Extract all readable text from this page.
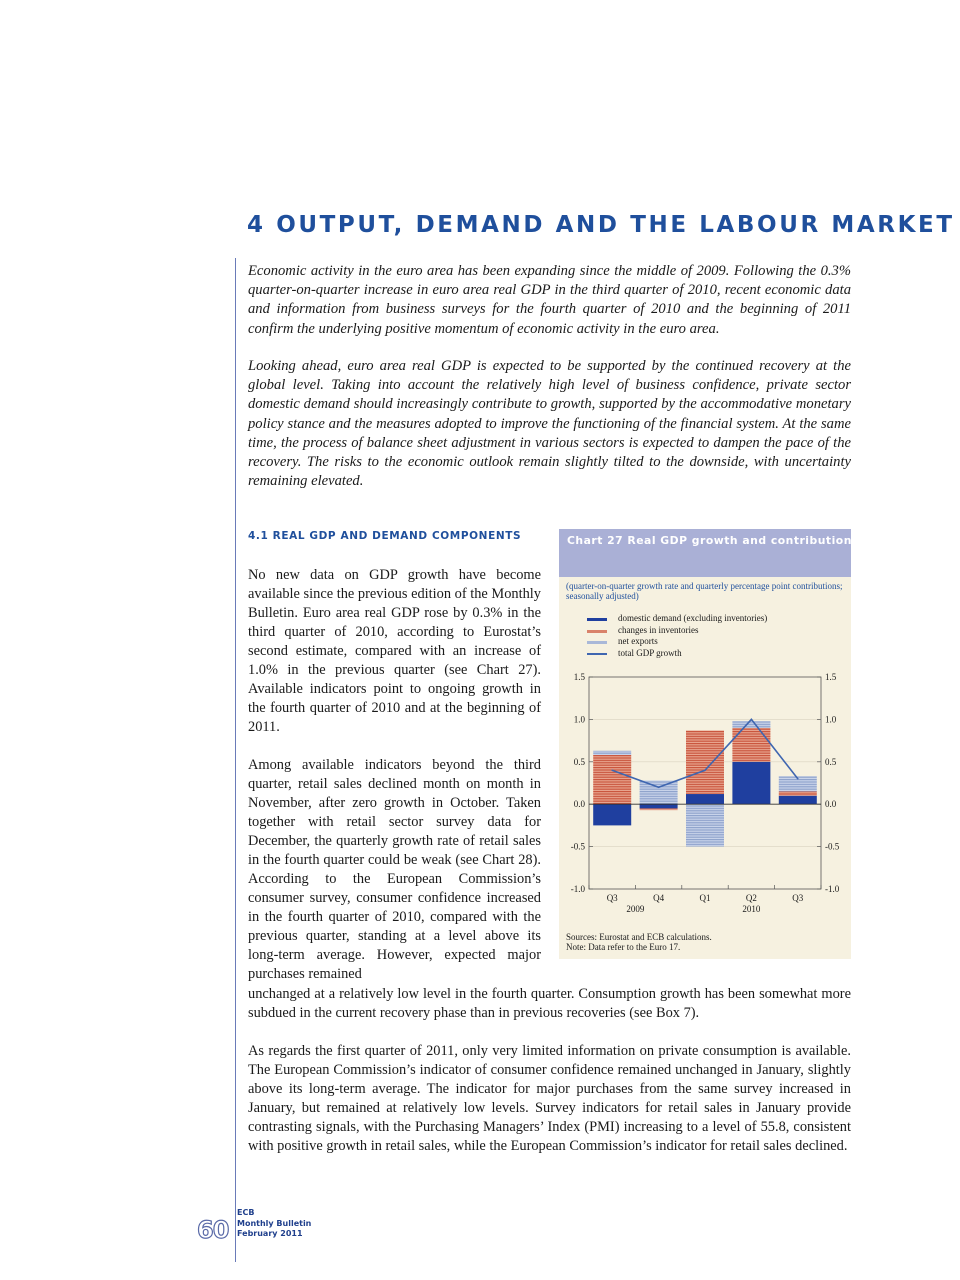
4 OUTPUT, DEMAND AND THE LABOUR MARKET

Economic activity in the euro area has been expanding since the middle of 2009. Following the 0.3% quarter-on-quarter increase in euro area real GDP in the third quarter of 2010, recent economic data and information from business surveys for the fourth quarter of 2010 and the beginning of 2011 confirm the underlying positive momentum of economic activity in the euro area.

Looking ahead, euro area real GDP is expected to be supported by the continued recovery at the global level. Taking into account the relatively high level of business confidence, private sector domestic demand should increasingly contribute to growth, supported by the accommodative monetary policy stance and the measures adopted to improve the functioning of the financial system. At the same time, the process of balance sheet adjustment in various sectors is expected to dampen the pace of the recovery. The risks to the economic outlook remain slightly tilted to the downside, with uncertainty remaining elevated.

4.1 REAL GDP AND DEMAND COMPONENTS

No new data on GDP growth have become available since the previous edition of the Monthly Bulletin. Euro area real GDP rose by 0.3% in the third quarter of 2010, according to Eurostat’s second estimate, compared with an increase of 1.0% in the previous quarter (see Chart 27). Available indicators point to ongoing growth in the fourth quarter of 2010 and at the beginning of 2011.

Among available indicators beyond the third quarter, retail sales declined month on month in November, after zero growth in October. Taken together with retail sector survey data for December, the quarterly growth rate of retail sales in the fourth quarter could be weak (see Chart 28). According to the European Commission’s consumer survey, consumer confidence increased in the fourth quarter of 2010, compared with the previous quarter, standing at a level above its long-term average. However, expected major purchases remained

unchanged at a relatively low level in the fourth quarter. Consumption growth has been somewhat more subdued in the current recovery phase than in previous recoveries (see Box 7).

As regards the first quarter of 2011, only very limited information on private consumption is available. The European Commission’s indicator of consumer confidence remained unchanged in January, slightly above its long-term average. The indicator for major purchases from the same survey increased in January, but remained at relatively low levels. Survey indicators for retail sales in January provide contrasting signals, with the Purchasing Managers’ Index (PMI) increasing to a level of 55.8, consistent with positive growth in retail sales, while the European Commission’s indicator for retail sales declined.

Chart 27 Real GDP growth and contributions
(quarter-on-quarter growth rate and quarterly percentage point contributions; seasonally adjusted)
domestic demand (excluding inventories)
changes in inventories
net exports
total GDP growth
-1.0	-1.0
-0.5	-0.5
0.0	0.0
0.5	0.5
1.0	1.0
1.5	1.5
Q3	Q4	Q1	Q2	Q3
2009	2010
Sources: Eurostat and ECB calculations.
Note: Data refer to the Euro 17.
60
ECB
Monthly Bulletin
February 2011
